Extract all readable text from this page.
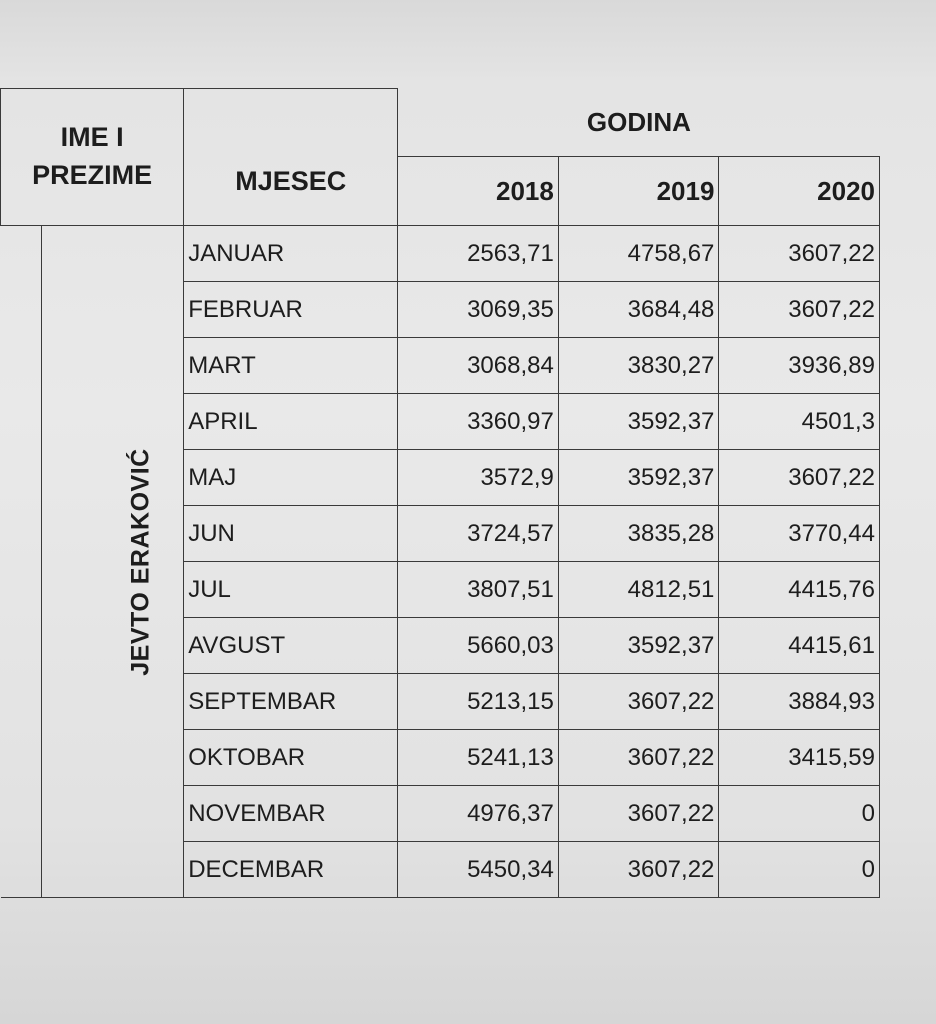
IME I
PREZIME	MJESEC	GODINA		
		2018	2019	2020

JEVTO ERAKOVIĆ	JANUAR	2563,71	4758,67	3607,22
	FEBRUAR	3069,35	3684,48	3607,22
	MART	3068,84	3830,27	3936,89
	APRIL	3360,97	3592,37	4501,3
	MAJ	3572,9	3592,37	3607,22
	JUN	3724,57	3835,28	3770,44
	JUL	3807,51	4812,51	4415,76
	AVGUST	5660,03	3592,37	4415,61
	SEPTEMBAR	5213,15	3607,22	3884,93
	OKTOBAR	5241,13	3607,22	3415,59
	NOVEMBAR	4976,37	3607,22	0
	DECEMBAR	5450,34	3607,22	0
